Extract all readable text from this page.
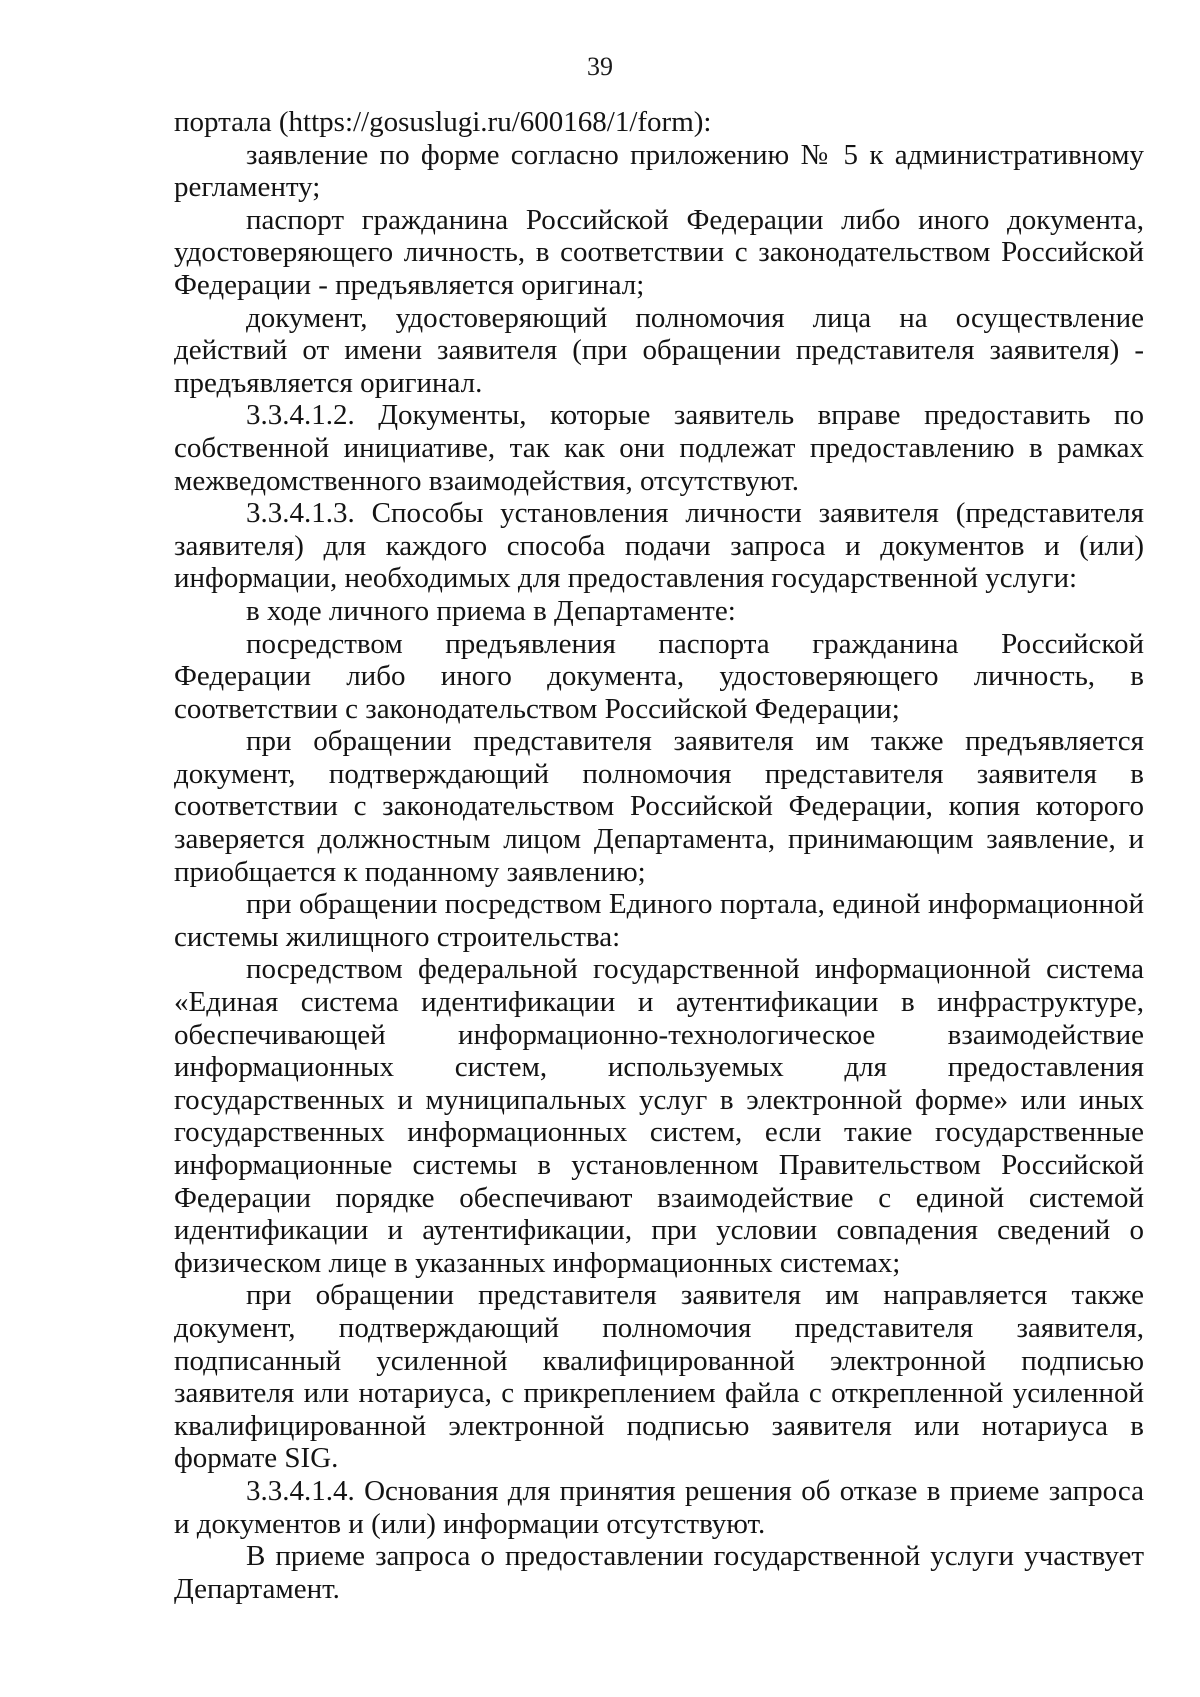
39

портала (https://gosuslugi.ru/600168/1/form):

заявление по форме согласно приложению № 5 к административному регламенту;

паспорт гражданина Российской Федерации либо иного документа, удостоверяющего личность, в соответствии с законодательством Российской Федерации - предъявляется оригинал;

документ, удостоверяющий полномочия лица на осуществление действий от имени заявителя (при обращении представителя заявителя) - предъявляется оригинал.

3.3.4.1.2. Документы, которые заявитель вправе предоставить по собственной инициативе, так как они подлежат предоставлению в рамках межведомственного взаимодействия, отсутствуют.

3.3.4.1.3. Способы установления личности заявителя (представителя заявителя) для каждого способа подачи запроса и документов и (или) информации, необходимых для предоставления государственной услуги:

в ходе личного приема в Департаменте:

посредством предъявления паспорта гражданина Российской Федерации либо иного документа, удостоверяющего личность, в соответствии с законодательством Российской Федерации;

при обращении представителя заявителя им также предъявляется документ, подтверждающий полномочия представителя заявителя в соответствии с законодательством Российской Федерации, копия которого заверяется должностным лицом Департамента, принимающим заявление, и приобщается к поданному заявлению;

при обращении посредством Единого портала, единой информационной системы жилищного строительства:

посредством федеральной государственной информационной система «Единая система идентификации и аутентификации в инфраструктуре, обеспечивающей информационно-технологическое взаимодействие информационных систем, используемых для предоставления государственных и муниципальных услуг в электронной форме» или иных государственных информационных систем, если такие государственные информационные системы в установленном Правительством Российской Федерации порядке обеспечивают взаимодействие с единой системой идентификации и аутентификации, при условии совпадения сведений о физическом лице в указанных информационных системах;

при обращении представителя заявителя им направляется также документ, подтверждающий полномочия представителя заявителя, подписанный усиленной квалифицированной электронной подписью заявителя или нотариуса, с прикреплением файла с открепленной усиленной квалифицированной электронной подписью заявителя или нотариуса в формате SIG.

3.3.4.1.4. Основания для принятия решения об отказе в приеме запроса и документов и (или) информации отсутствуют.

В приеме запроса о предоставлении государственной услуги участвует Департамент.
